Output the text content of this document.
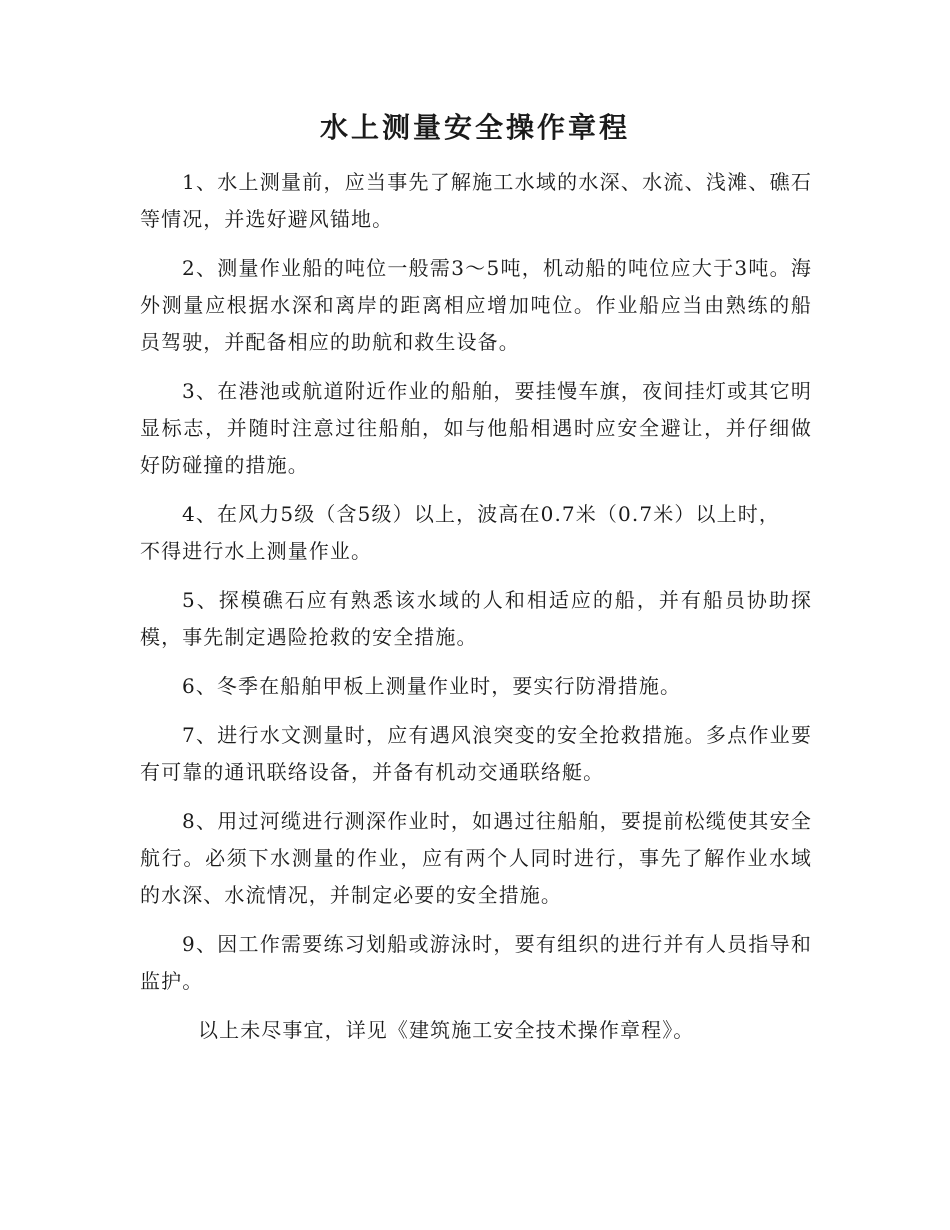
水上测量安全操作章程

1、水上测量前，应当事先了解施工水域的水深、水流、浅滩、礁石等情况，并选好避风锚地。

2、测量作业船的吨位一般需3～5吨，机动船的吨位应大于3吨。海外测量应根据水深和离岸的距离相应增加吨位。作业船应当由熟练的船员驾驶，并配备相应的助航和救生设备。

3、在港池或航道附近作业的船舶，要挂慢车旗，夜间挂灯或其它明显标志，并随时注意过往船舶，如与他船相遇时应安全避让，并仔细做好防碰撞的措施。

4、在风力5级（含5级）以上，波高在0.7米（0.7米）以上时，不得进行水上测量作业。

5、探模礁石应有熟悉该水域的人和相适应的船，并有船员协助探模，事先制定遇险抢救的安全措施。

6、冬季在船舶甲板上测量作业时，要实行防滑措施。

7、进行水文测量时，应有遇风浪突变的安全抢救措施。多点作业要有可靠的通讯联络设备，并备有机动交通联络艇。

8、用过河缆进行测深作业时，如遇过往船舶，要提前松缆使其安全航行。必须下水测量的作业，应有两个人同时进行，事先了解作业水域的水深、水流情况，并制定必要的安全措施。

9、因工作需要练习划船或游泳时，要有组织的进行并有人员指导和监护。

以上未尽事宜，详见《建筑施工安全技术操作章程》。
